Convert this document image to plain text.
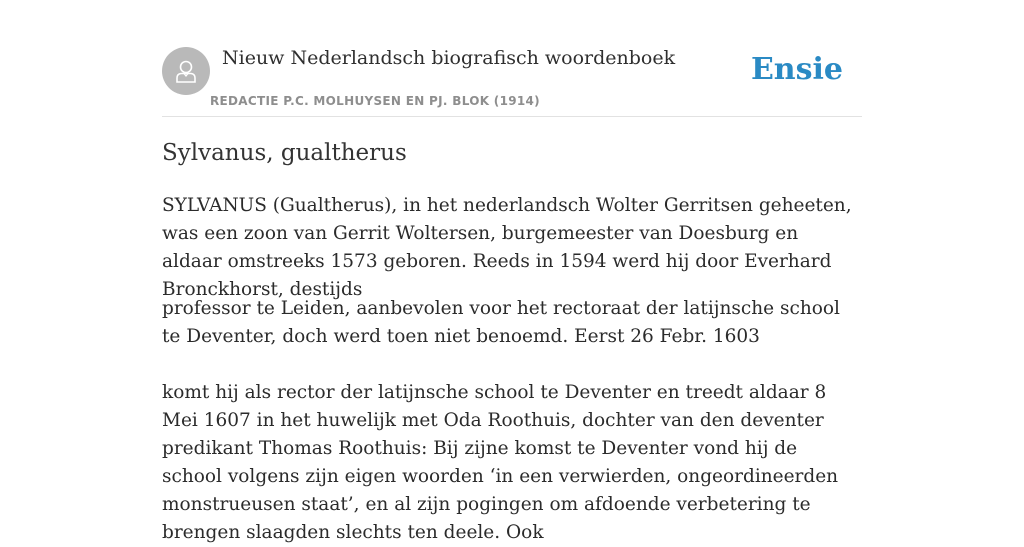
Nieuw Nederlandsch biografisch woordenboek
REDACTIE P.C. MOLHUYSEN EN PJ. BLOK (1914)
Ensie
Sylvanus, gualtherus

SYLVANUS (Gualtherus), in het nederlandsch Wolter Gerritsen geheeten, was een zoon van Gerrit Woltersen, burgemeester van Doesburg en aldaar omstreeks 1573 geboren. Reeds in 1594 werd hij door Everhard Bronckhorst, destijds

professor te Leiden, aanbevolen voor het rectoraat der latijnsche school te Deventer, doch werd toen niet benoemd. Eerst 26 Febr. 1603

komt hij als rector der latijnsche school te Deventer en treedt aldaar 8 Mei 1607 in het huwelijk met Oda Roothuis, dochter van den deventer predikant Thomas Roothuis: Bij zijne komst te Deventer vond hij de school volgens zijn eigen woorden ‘in een verwierden, ongeordineerden monstrueusen staat’, en al zijn pogingen om afdoende verbetering te brengen slaagden slechts ten deele. Ook
